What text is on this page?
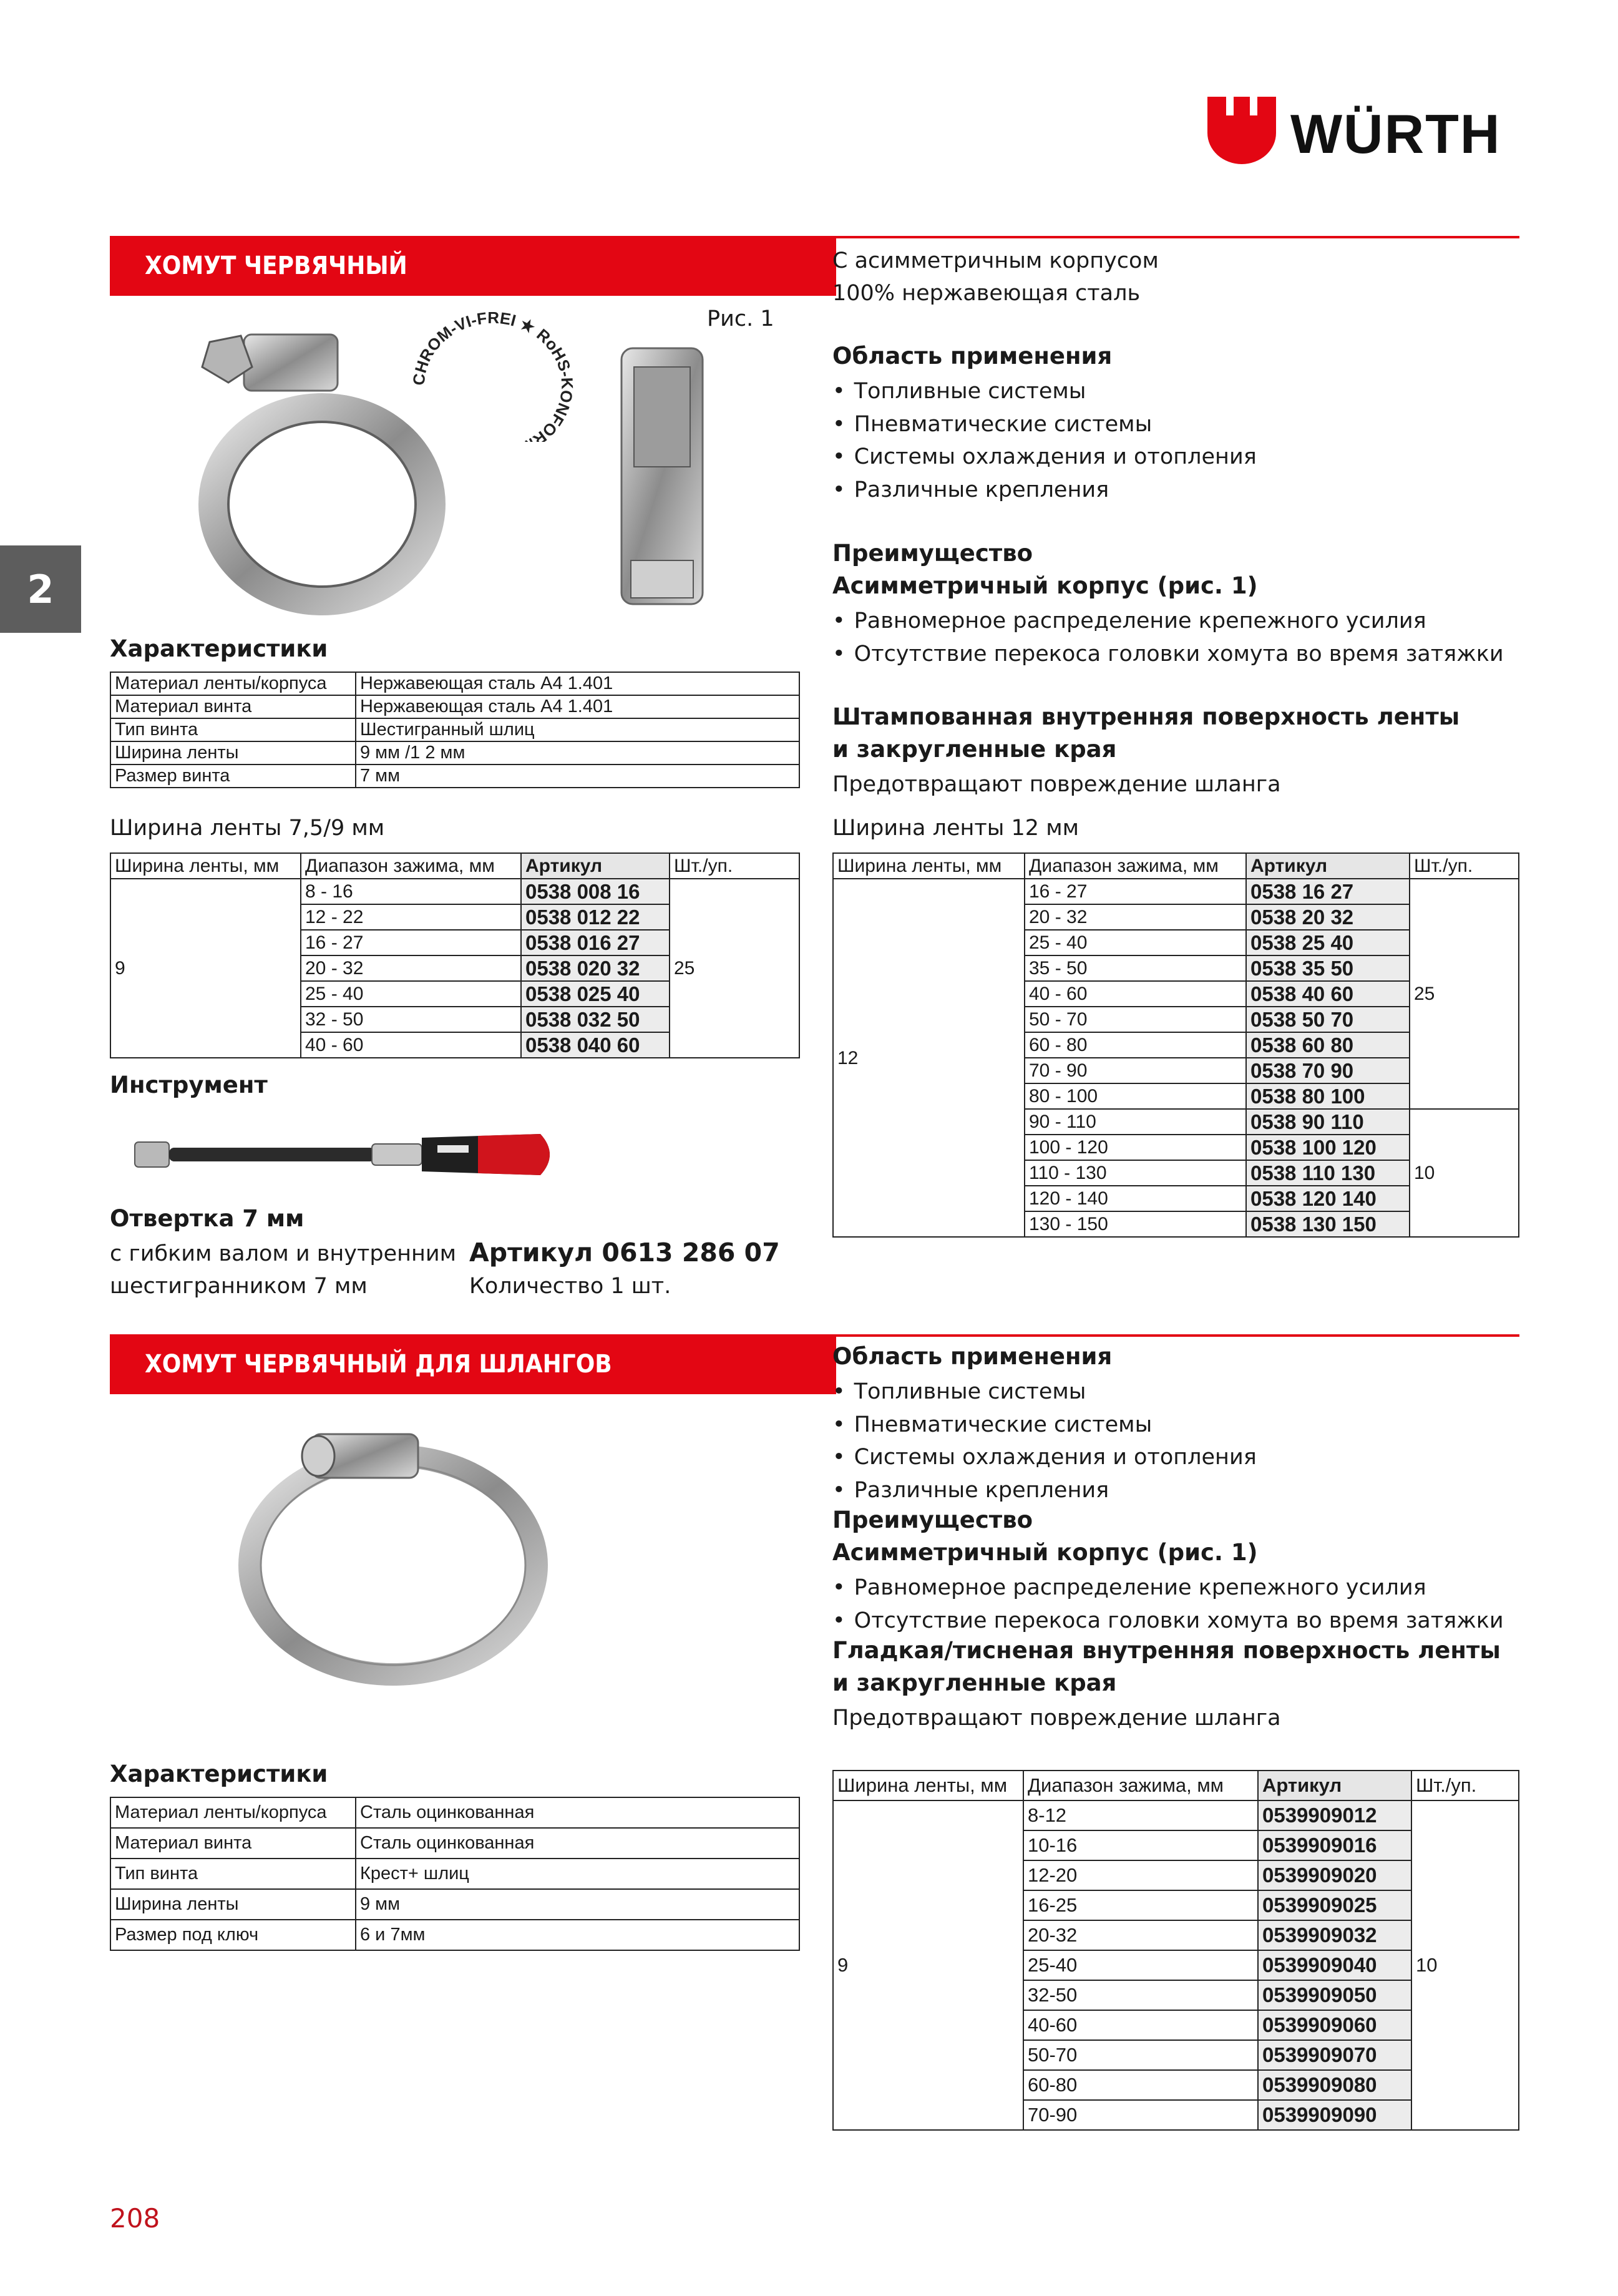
WÜRTH
2
ХОМУТ ЧЕРВЯЧНЫЙ
CHROM-VI-FREI ★ RoHS-KONFOR
Рис. 1
С асимметричным корпусом
100% нержавеющая сталь
Область применения
• Топливные системы
• Пневматические системы
• Системы охлаждения и отопления
• Различные крепления
Преимущество
Асимметричный корпус (рис. 1)
• Равномерное распределение крепежного усилия
• Отсутствие перекоса головки хомута во время затяжки
Штампованная внутренняя поверхность ленты
и закругленные края
Предотвращают повреждение шланга
Характеристики
Материал ленты/корпуса	Нержавеющая сталь А4 1.401
Материал винта	Нержавеющая сталь А4 1.401
Тип винта	Шестигранный шлиц
Ширина ленты	9 мм /1 2 мм
Размер винта	7 мм
Ширина ленты 7,5/9 мм
Ширина ленты, мм	Диапазон зажима, мм	Артикул	Шт./уп.
9	8 - 16	0538 008 16	25
	12 - 22	0538 012 22	
	16 - 27	0538 016 27	
	20 - 32	0538 020 32	
	25 - 40	0538 025 40	
	32 - 50	0538 032 50	
	40 - 60	0538 040 60	
Ширина ленты 12 мм
Ширина ленты, мм	Диапазон зажима, мм	Артикул	Шт./уп.
12	16 - 27	0538 16 27	25
	20 - 32	0538 20 32	
	25 - 40	0538 25 40	
	35 - 50	0538 35 50	
	40 - 60	0538 40 60	
	50 - 70	0538 50 70	
	60 - 80	0538 60 80	
	70 - 90	0538 70 90	
	80 - 100	0538 80 100	
	90 - 110	0538 90 110	10
	100 - 120	0538 100 120	
	110 - 130	0538 110 130	
	120 - 140	0538 120 140	
	130 - 150	0538 130 150	
Инструмент
Отвертка 7 мм
с гибким валом и внутренним
шестигранником 7 мм
Артикул 0613 286 07
Количество 1 шт.
ХОМУТ ЧЕРВЯЧНЫЙ ДЛЯ ШЛАНГОВ	Область применения
• Топливные системы
• Пневматические системы
• Системы охлаждения и отопления
• Различные крепления
Преимущество
Асимметричный корпус (рис. 1)
• Равномерное распределение крепежного усилия
• Отсутствие перекоса головки хомута во время затяжки
Гладкая/тисненая внутренняя поверхность ленты
и закругленные края
Предотвращают повреждение шланга
Характеристики
Материал ленты/корпуса	Сталь оцинкованная
Материал винта	Сталь оцинкованная
Тип винта	Крест+ шлиц
Ширина ленты	9 мм
Размер под ключ	6 и 7мм
Ширина ленты, мм	Диапазон зажима, мм	Артикул	Шт./уп.
9	8-12	0539909012	10
	10-16	0539909016	
	12-20	0539909020	
	16-25	0539909025	
	20-32	0539909032	
	25-40	0539909040	
	32-50	0539909050	
	40-60	0539909060	
	50-70	0539909070	
	60-80	0539909080	
	70-90	0539909090	
208
